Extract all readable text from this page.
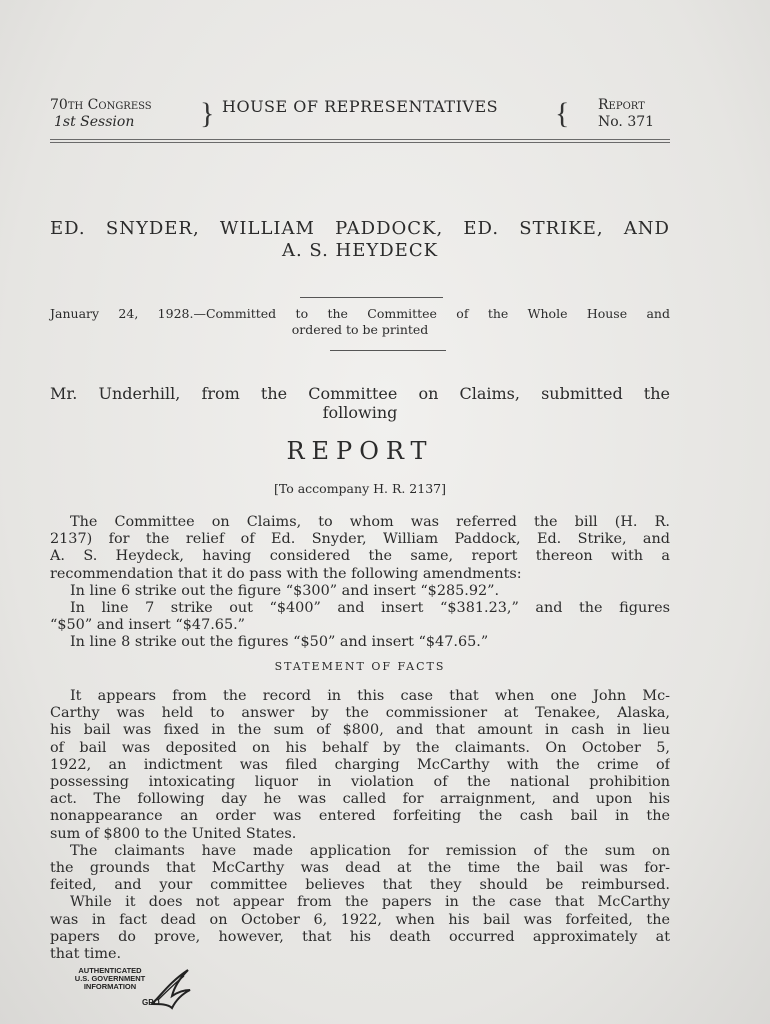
70th Congress
1st Session	} HOUSE OF REPRESENTATIVES { Report
No. 371
ED. SNYDER, WILLIAM PADDOCK, ED. STRIKE, AND
A. S. HEYDECK
January 24, 1928.—Committed to the Committee of the Whole House and
ordered to be printed
Mr. Underhill, from the Committee on Claims, submitted the
following
REPORT
[To accompany H. R. 2137]
The Committee on Claims, to whom was referred the bill (H. R.
2137) for the relief of Ed. Snyder, William Paddock, Ed. Strike, and
A. S. Heydeck, having considered the same, report thereon with a
recommendation that it do pass with the following amendments:
In line 6 strike out the figure “$300” and insert “$285.92”.
In line 7 strike out “$400” and insert “$381.23,” and the figures
“$50” and insert “$47.65.”
In line 8 strike out the figures “$50” and insert “$47.65.”
STATEMENT OF FACTS
It appears from the record in this case that when one John Mc-
Carthy was held to answer by the commissioner at Tenakee, Alaska,
his bail was fixed in the sum of $800, and that amount in cash in lieu
of bail was deposited on his behalf by the claimants. On October 5,
1922, an indictment was filed charging McCarthy with the crime of
possessing intoxicating liquor in violation of the national prohibition
act. The following day he was called for arraignment, and upon his
nonappearance an order was entered forfeiting the cash bail in the
sum of $800 to the United States.
The claimants have made application for remission of the sum on
the grounds that McCarthy was dead at the time the bail was for-
feited, and your committee believes that they should be reimbursed.
While it does not appear from the papers in the case that McCarthy
was in fact dead on October 6, 1922, when his bail was forfeited, the
papers do prove, however, that his death occurred approximately at
that time.
AUTHENTICATED
U.S. GOVERNMENT
INFORMATION
GPO
